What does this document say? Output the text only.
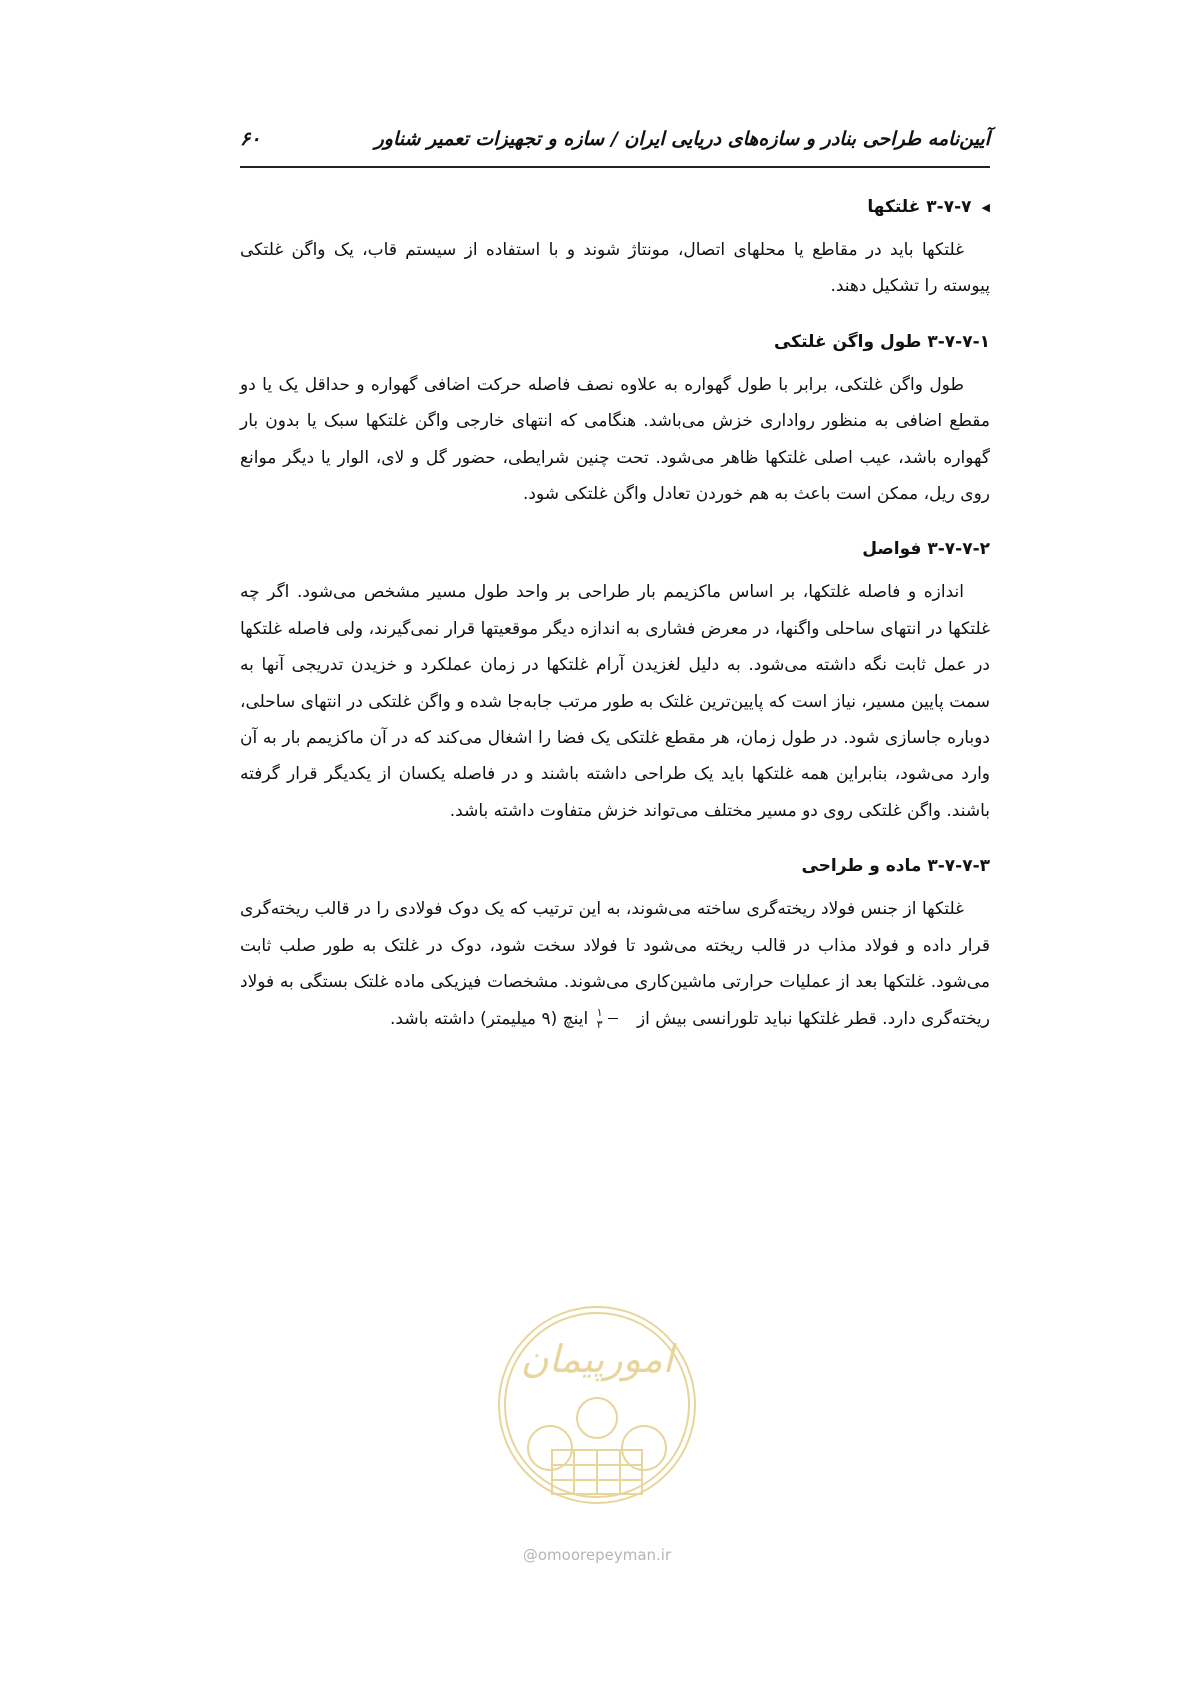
آیین‌نامه طراحی بنادر و سازه‌های دریایی ایران / سازه و تجهیزات تعمیر شناور
۶۰
◀
۳-۷-۷ غلتکها

غلتکها باید در مقاطع یا محلهای اتصال، مونتاژ شوند و با استفاده از سیستم قاب، یک واگن غلتکی پیوسته را تشکیل دهند.

۳-۷-۷-۱ طول واگن غلتکی

طول واگن غلتکی، برابر با طول گهواره به علاوه نصف فاصله حرکت اضافی گهواره و حداقل یک یا دو مقطع اضافی به منظور رواداری خزش می‌باشد. هنگامی که انتهای خارجی واگن غلتکها سبک یا بدون بار گهواره باشد، عیب اصلی غلتکها ظاهر می‌شود. تحت چنین شرایطی، حضور گل و لای، الوار یا دیگر موانع روی ریل، ممکن است باعث به هم خوردن تعادل واگن غلتکی شود.

۳-۷-۷-۲ فواصل

اندازه و فاصله غلتکها، بر اساس ماکزیمم بار طراحی بر واحد طول مسیر مشخص می‌شود. اگر چه غلتکها در انتهای ساحلی واگنها، در معرض فشاری به اندازه دیگر موقعیتها قرار نمی‌گیرند، ولی فاصله غلتکها در عمل ثابت نگه داشته می‌شود. به دلیل لغزیدن آرام غلتکها در زمان عملکرد و خزیدن تدریجی آنها به سمت پایین مسیر، نیاز است که پایین‌ترین غلتک به طور مرتب جابه‌جا شده و واگن غلتکی در انتهای ساحلی، دوباره جاسازی شود. در طول زمان، هر مقطع غلتکی یک فضا را اشغال می‌کند که در آن ماکزیمم بار به آن وارد می‌شود، بنابراین همه غلتکها باید یک طراحی داشته باشند و در فاصله یکسان از یکدیگر قرار گرفته باشند. واگن غلتکی روی دو مسیر مختلف می‌تواند خزش متفاوت داشته باشد.

۳-۷-۷-۳ ماده و طراحی

غلتکها از جنس فولاد ریخته‌گری ساخته می‌شوند، به این ترتیب که یک دوک فولادی را در قالب ریخته‌گری قرار داده و فولاد مذاب در قالب ریخته می‌شود تا فولاد سخت شود، دوک در غلتک به طور صلب ثابت می‌شود. غلتکها بعد از عملیات حرارتی ماشین‌کاری می‌شوند. مشخصات فیزیکی ماده غلتک بستگی به فولاد ریخته‌گری دارد. قطر غلتکها نباید تلورانسی بیش از
$\frac{۱}{۳}$
اینچ (۹ میلیمتر) داشته باشد.

امورپیمان
@omoorepeyman.ir
